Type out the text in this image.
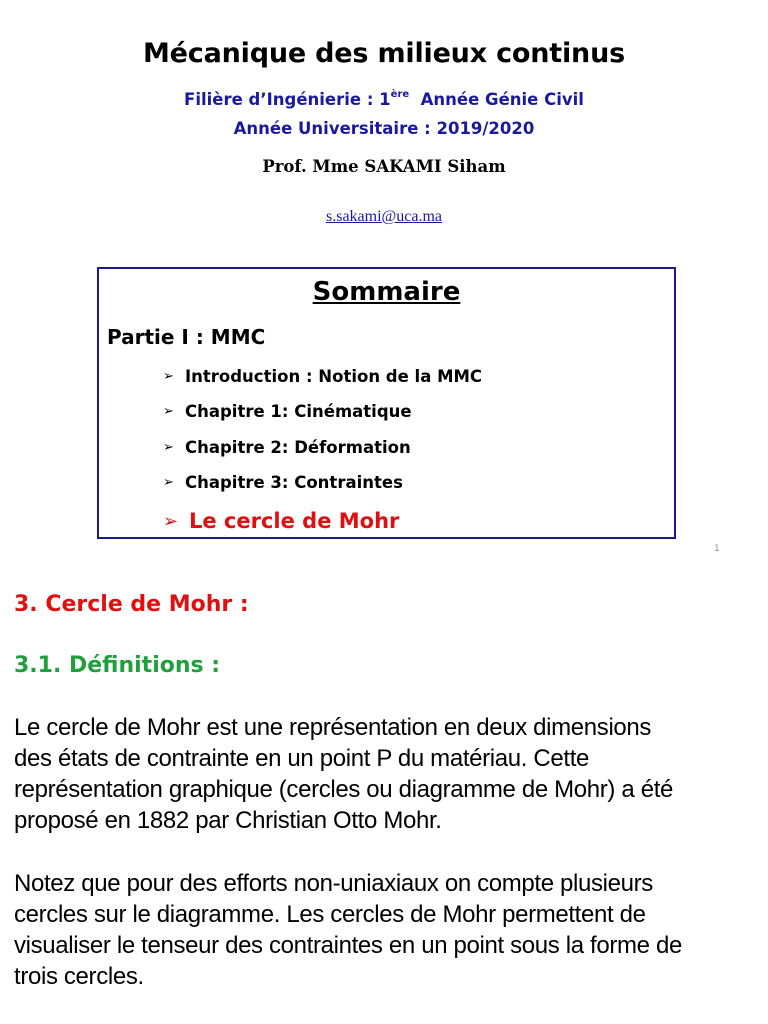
Mécanique des milieux continus
Filière d’Ingénierie : 1ère  Année Génie Civil
Année Universitaire : 2019/2020
Prof. Mme SAKAMI Siham
s.sakami@uca.ma
Sommaire
Partie I : MMC
➢ Introduction : Notion de la MMC
➢ Chapitre 1: Cinématique
➢ Chapitre 2: Déformation
➢ Chapitre 3: Contraintes
➢ Le cercle de Mohr
1
3. Cercle de Mohr :
3.1. Définitions :
Le cercle de Mohr est une représentation en deux dimensions
des états de contrainte en un point P du matériau. Cette
représentation graphique (cercles ou diagramme de Mohr) a été
proposé en 1882 par Christian Otto Mohr.
Notez que pour des efforts non-uniaxiaux on compte plusieurs
cercles sur le diagramme. Les cercles de Mohr permettent de
visualiser le tenseur des contraintes en un point sous la forme de
trois cercles.
